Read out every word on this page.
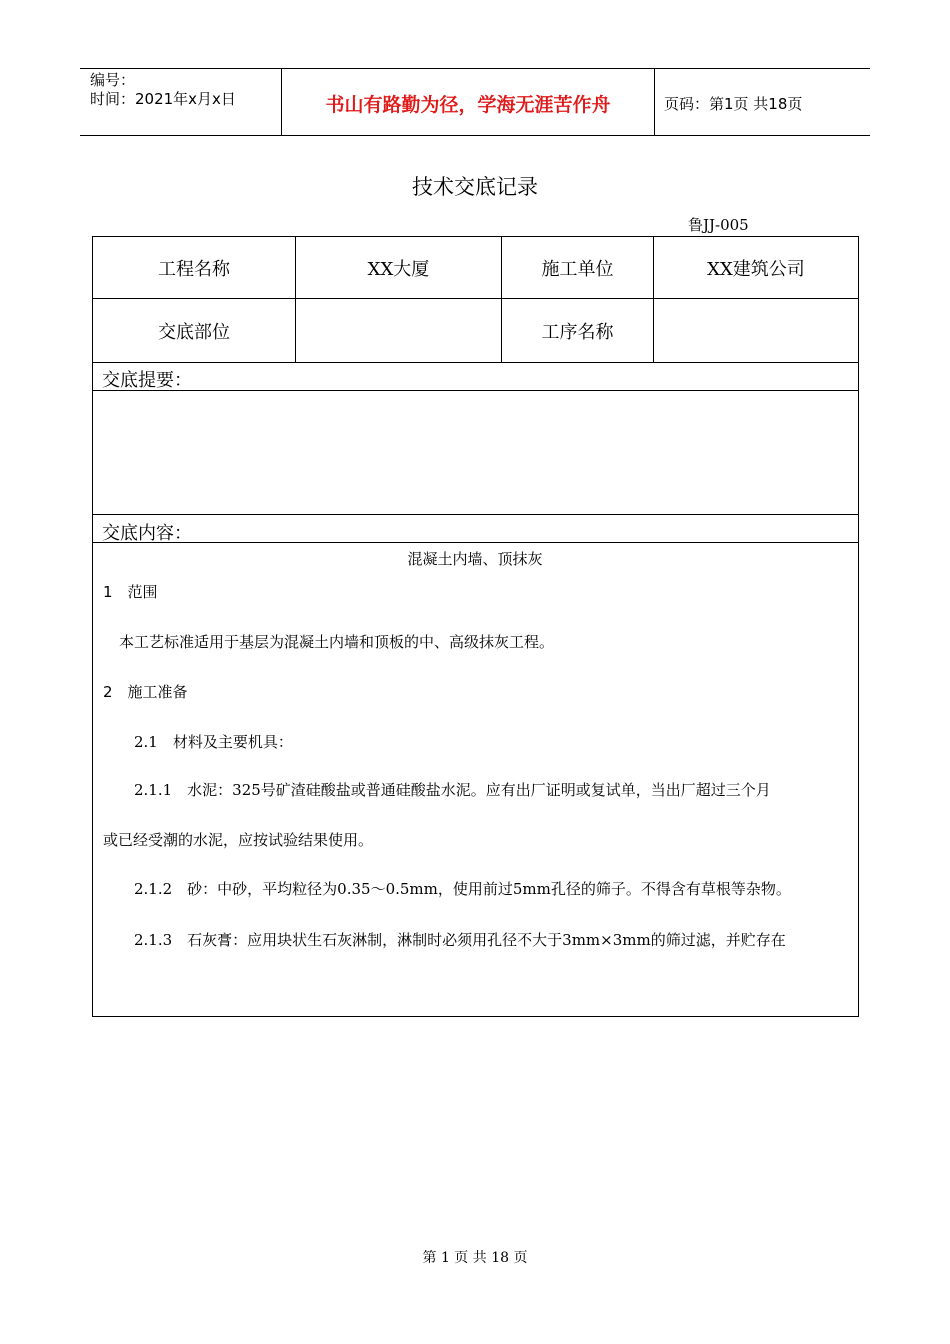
编号：
时间：2021年x月x日	书山有路勤为径，学海无涯苦作舟	页码：第1页 共18页
技术交底记录
鲁JJ-005
工程名称	XX大厦	施工单位	XX建筑公司
交底部位	工序名称
交底提要：
交底内容：
混凝土内墙、顶抹灰
1　范围
本工艺标准适用于基层为混凝土内墙和顶板的中、高级抹灰工程。
2　施工准备
2.1　材料及主要机具：
2.1.1　水泥：325号矿渣硅酸盐或普通硅酸盐水泥。应有出厂证明或复试单，当出厂超过三个月
或已经受潮的水泥，应按试验结果使用。
2.1.2　砂：中砂，平均粒径为0.35～0.5mm，使用前过5mm孔径的筛子。不得含有草根等杂物。
2.1.3　石灰膏：应用块状生石灰淋制，淋制时必须用孔径不大于3mm×3mm的筛过滤，并贮存在
第 1 页 共 18 页
